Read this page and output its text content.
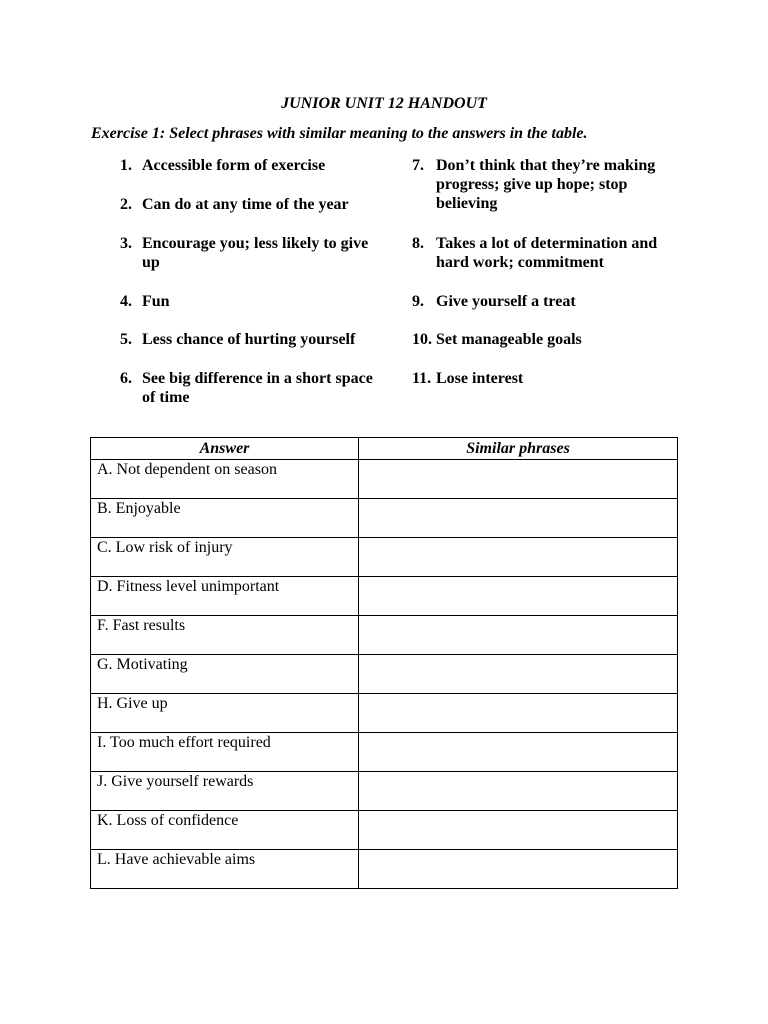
JUNIOR UNIT 12 HANDOUT
Exercise 1: Select phrases with similar meaning to the answers in the table.
1. Accessible form of exercise
2. Can do at any time of the year
3. Encourage you; less likely to give up
4. Fun
5. Less chance of hurting yourself
6. See big difference in a short space of time
7. Don’t think that they’re making progress; give up hope; stop believing
8. Takes a lot of determination and hard work; commitment
9. Give yourself a treat
10. Set manageable goals
11. Lose interest
Answer	Similar phrases
A. Not dependent on season	
B. Enjoyable	
C. Low risk of injury	
D. Fitness level unimportant	
F. Fast results	
G. Motivating	
H. Give up	
I. Too much effort required	
J. Give yourself rewards	
K. Loss of confidence	
L. Have achievable aims	
